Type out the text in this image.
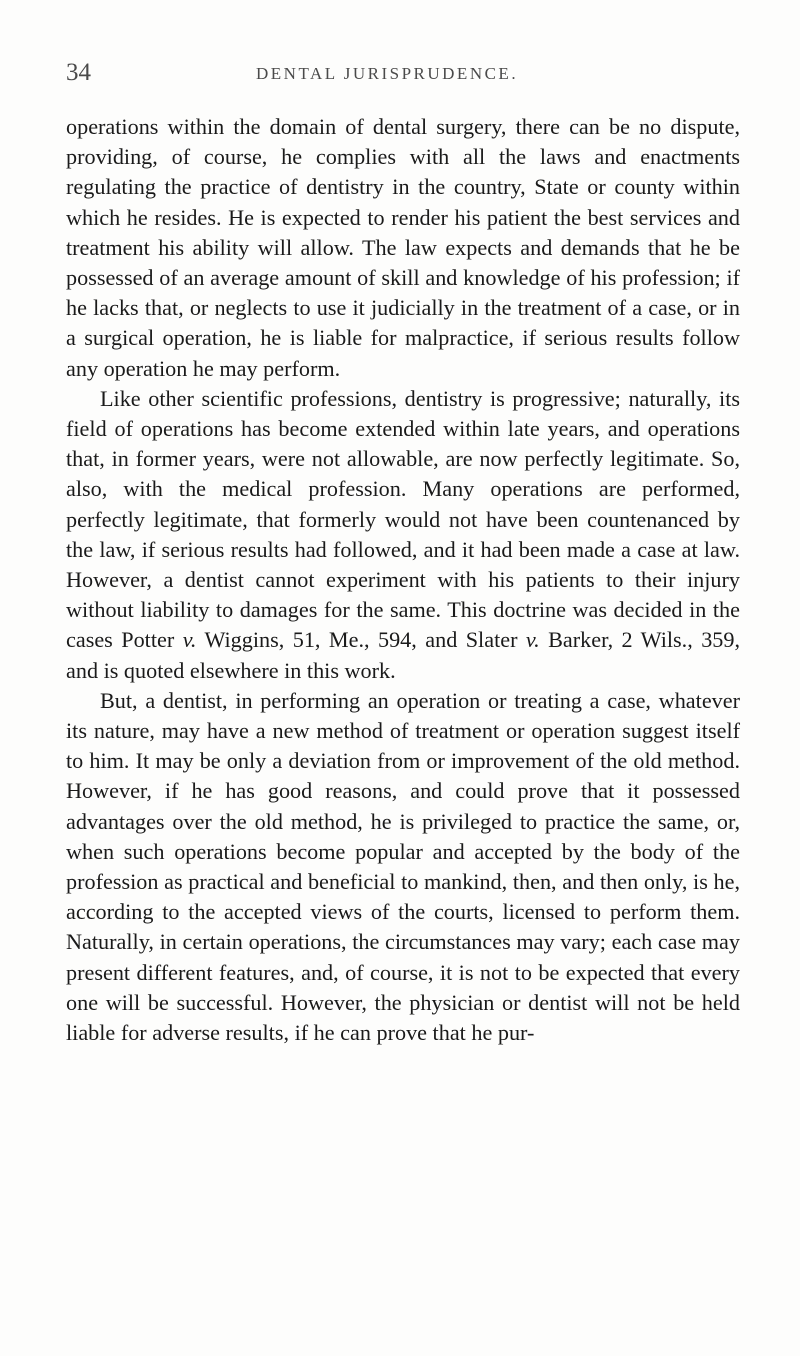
34	DENTAL JURISPRUDENCE.

operations within the domain of dental surgery, there can be no dispute, providing, of course, he complies with all the laws and enactments regulating the practice of dentistry in the country, State or county within which he resides. He is expected to render his patient the best services and treatment his ability will allow. The law expects and demands that he be possessed of an average amount of skill and knowledge of his profession; if he lacks that, or neglects to use it judicially in the treatment of a case, or in a surgical operation, he is liable for malpractice, if serious results follow any operation he may perform.

Like other scientific professions, dentistry is progressive; naturally, its field of operations has become extended within late years, and operations that, in former years, were not allowable, are now perfectly legitimate. So, also, with the medical profession. Many operations are performed, perfectly legitimate, that formerly would not have been countenanced by the law, if serious results had followed, and it had been made a case at law. However, a dentist cannot experiment with his patients to their injury without liability to damages for the same. This doctrine was decided in the cases Potter v. Wiggins, 51, Me., 594, and Slater v. Barker, 2 Wils., 359, and is quoted elsewhere in this work.

But, a dentist, in performing an operation or treating a case, whatever its nature, may have a new method of treatment or operation suggest itself to him. It may be only a deviation from or improvement of the old method. However, if he has good reasons, and could prove that it possessed advantages over the old method, he is privileged to practice the same, or, when such operations become popular and accepted by the body of the profession as practical and beneficial to mankind, then, and then only, is he, according to the accepted views of the courts, licensed to perform them. Naturally, in certain operations, the circumstances may vary; each case may present different features, and, of course, it is not to be expected that every one will be successful. However, the physician or dentist will not be held liable for adverse results, if he can prove that he pur-
